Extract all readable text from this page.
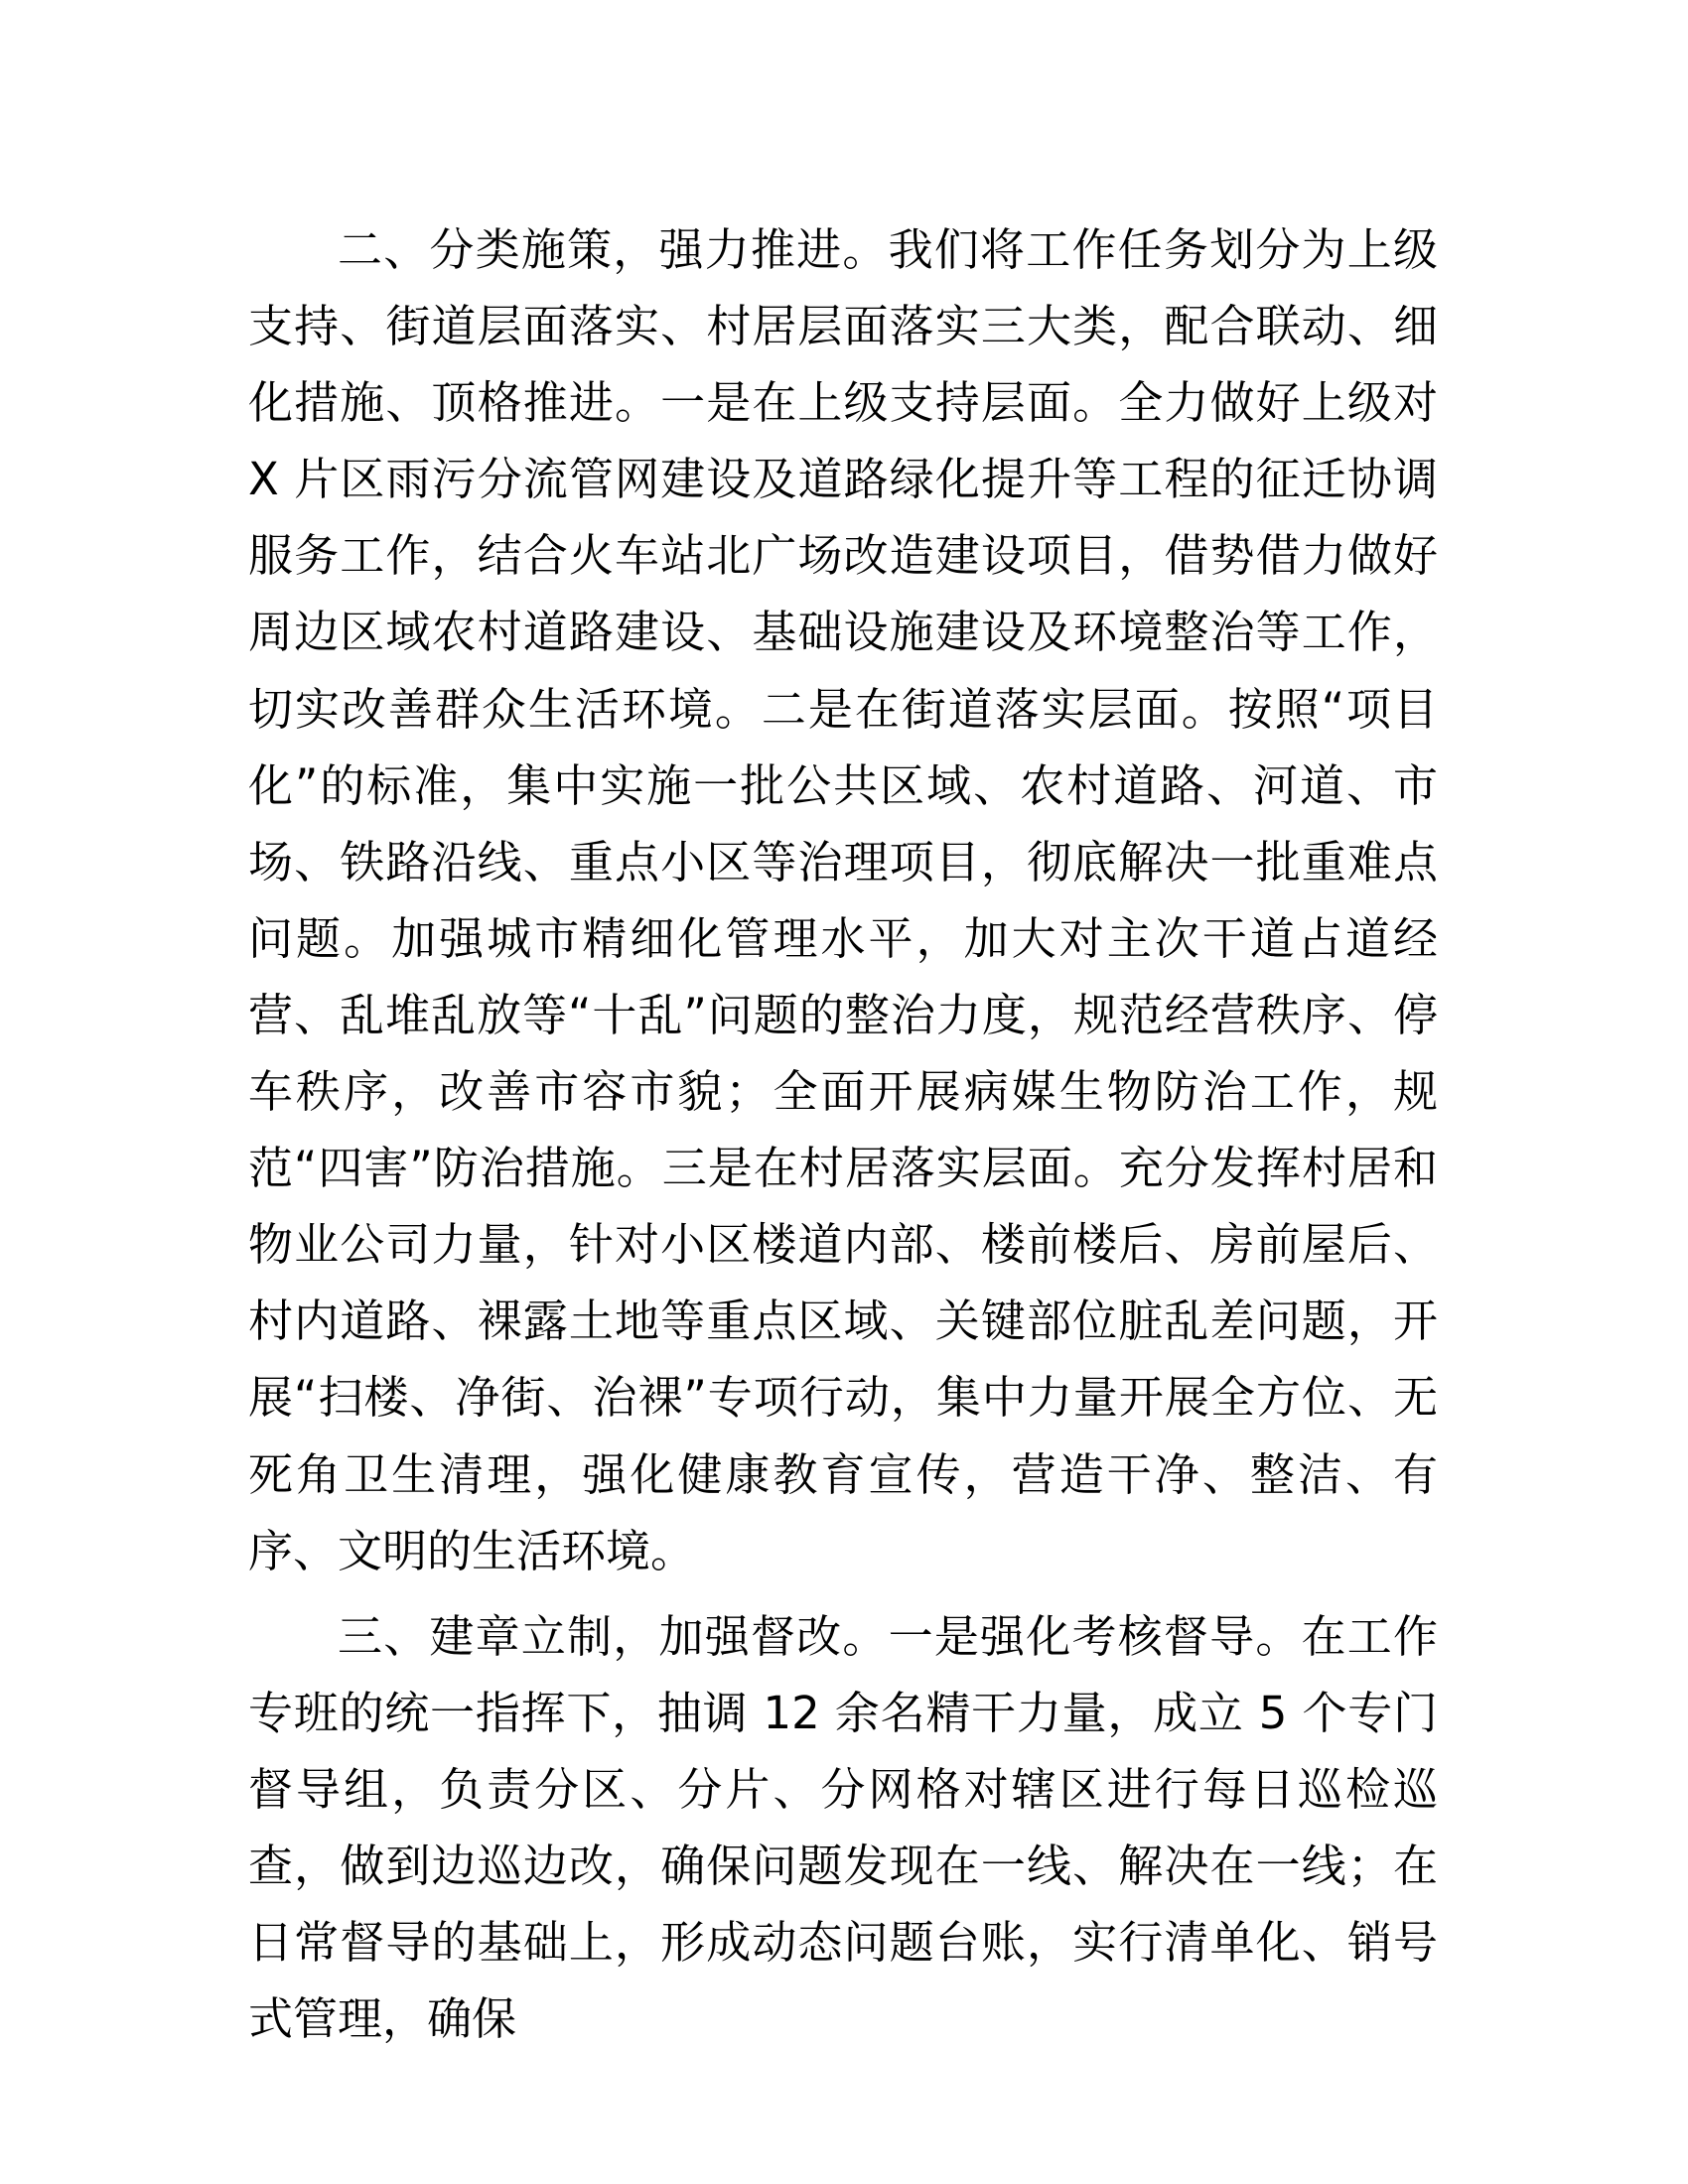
二、分类施策，强力推进。我们将工作任务划分为上级支持、街道层面落实、村居层面落实三大类，配合联动、细化措施、顶格推进。一是在上级支持层面。全力做好上级对 X 片区雨污分流管网建设及道路绿化提升等工程的征迁协调服务工作，结合火车站北广场改造建设项目，借势借力做好周边区域农村道路建设、基础设施建设及环境整治等工作，切实改善群众生活环境。二是在街道落实层面。按照“项目化”的标准，集中实施一批公共区域、农村道路、河道、市场、铁路沿线、重点小区等治理项目，彻底解决一批重难点问题。加强城市精细化管理水平，加大对主次干道占道经营、乱堆乱放等“十乱”问题的整治力度，规范经营秩序、停车秩序，改善市容市貌；全面开展病媒生物防治工作，规范“四害”防治措施。三是在村居落实层面。充分发挥村居和物业公司力量，针对小区楼道内部、楼前楼后、房前屋后、村内道路、裸露土地等重点区域、关键部位脏乱差问题，开展“扫楼、净街、治裸”专项行动，集中力量开展全方位、无死角卫生清理，强化健康教育宣传，营造干净、整洁、有序、文明的生活环境。

三、建章立制，加强督改。一是强化考核督导。在工作专班的统一指挥下，抽调 12 余名精干力量，成立 5 个专门督导组，负责分区、分片、分网格对辖区进行每日巡检巡查，做到边巡边改，确保问题发现在一线、解决在一线；在日常督导的基础上，形成动态问题台账，实行清单化、销号式管理，确保
